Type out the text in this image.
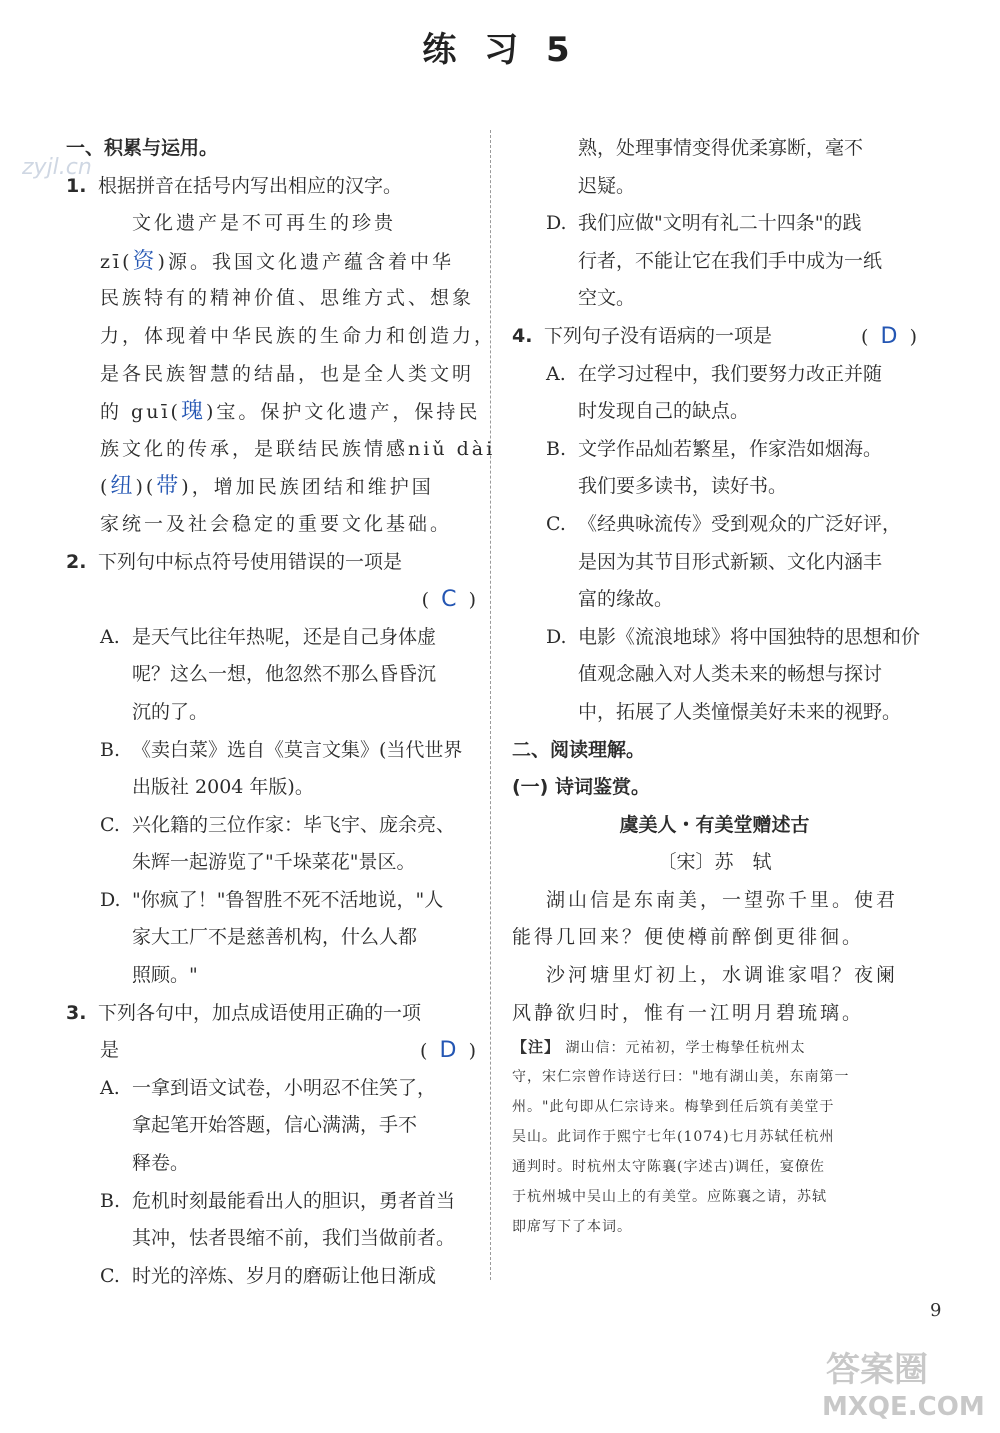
练 习 5
zyjl.cn
一、积累与运用。
1. 根据拼音在括号内写出相应的汉字。
文化遗产是不可再生的珍贵
zī(资)源。我国文化遗产蕴含着中华
民族特有的精神价值、思维方式、想象
力，体现着中华民族的生命力和创造力，
是各民族智慧的结晶，也是全人类文明
的 guī(瑰)宝。保护文化遗产，保持民
族文化的传承，是联结民族情感niǔ dài
(纽)(带)，增加民族团结和维护国
家统一及社会稳定的重要文化基础。
2. 下列句中标点符号使用错误的一项是
( C )
A. 是天气比往年热呢，还是自己身体虚
呢？这么一想，他忽然不那么昏昏沉
沉的了。
B. 《卖白菜》选自《莫言文集》(当代世界
出版社 2004 年版)。
C. 兴化籍的三位作家：毕飞宇、庞余亮、
朱辉一起游览了"千垛菜花"景区。
D. "你疯了！"鲁智胜不死不活地说，"人
家大工厂不是慈善机构，什么人都
照顾。"
3. 下列各句中，加点成语使用正确的一项
是	( D )
A. 一拿到语文试卷，小明忍不住笑了，
拿起笔开始答题，信心满满，手不
释卷。
B. 危机时刻最能看出人的胆识，勇者首当
其冲，怯者畏缩不前，我们当做前者。
C. 时光的淬炼、岁月的磨砺让他日渐成
熟，处理事情变得优柔寡断，毫不
迟疑。
D. 我们应做"文明有礼二十四条"的践
行者，不能让它在我们手中成为一纸
空文。
4. 下列句子没有语病的一项是	( D )
A. 在学习过程中，我们要努力改正并随
时发现自己的缺点。
B. 文学作品灿若繁星，作家浩如烟海。
我们要多读书，读好书。
C. 《经典咏流传》受到观众的广泛好评，
是因为其节目形式新颖、文化内涵丰
富的缘故。
D. 电影《流浪地球》将中国独特的思想和价
值观念融入对人类未来的畅想与探讨
中，拓展了人类憧憬美好未来的视野。
二、阅读理解。
(一) 诗词鉴赏。
虞美人・有美堂赠述古
〔宋〕苏　轼
湖山信是东南美，一望弥千里。使君
能得几回来？便使樽前醉倒更徘徊。
沙河塘里灯初上，水调谁家唱？夜阑
风静欲归时，惟有一江明月碧琉璃。
【注】 湖山信：元祐初，学士梅挚任杭州太
守，宋仁宗曾作诗送行曰："地有湖山美，东南第一
州。"此句即从仁宗诗来。梅挚到任后筑有美堂于
吴山。此词作于熙宁七年(1074)七月苏轼任杭州
通判时。时杭州太守陈襄(字述古)调任，宴僚佐
于杭州城中吴山上的有美堂。应陈襄之请，苏轼
即席写下了本词。
9
答案圈
MXQE.COM
